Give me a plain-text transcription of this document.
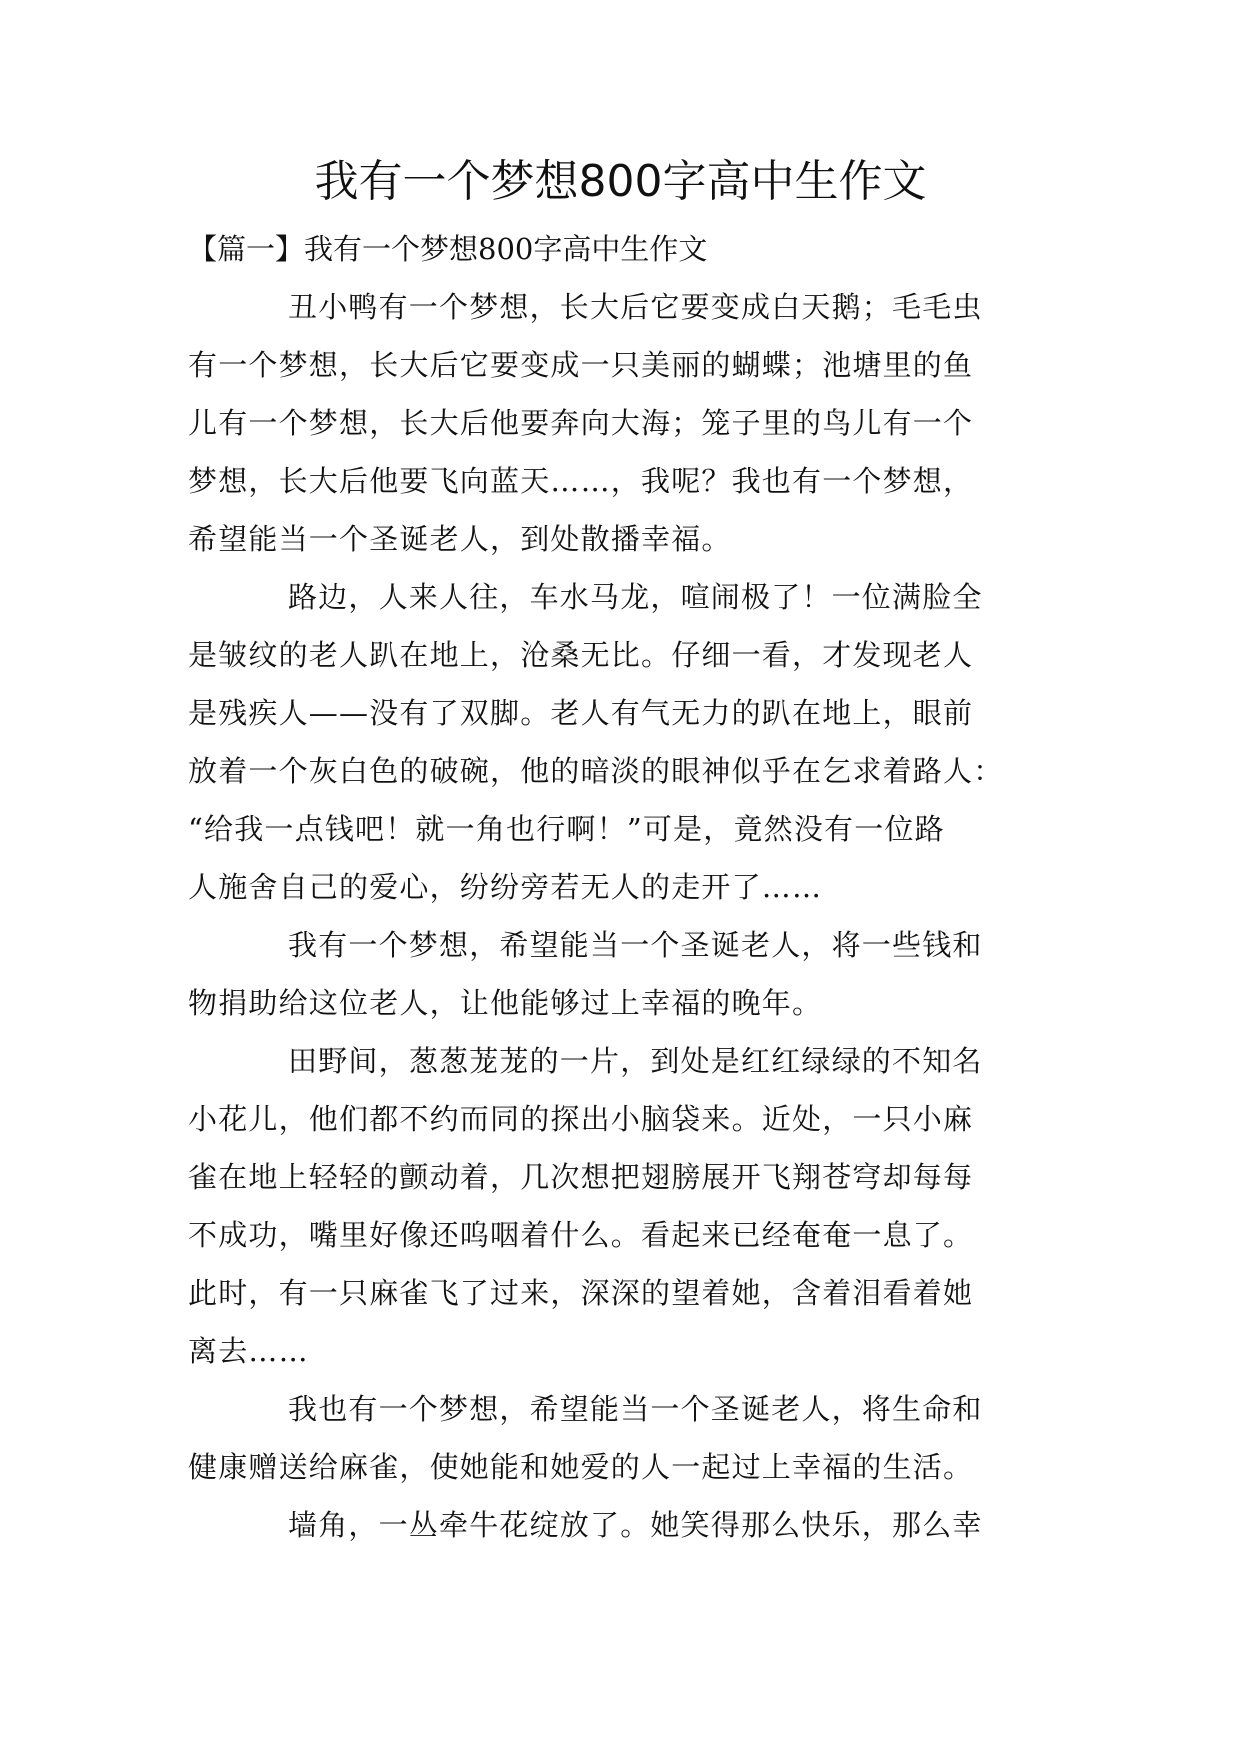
我有一个梦想800字高中生作文
【篇一】我有一个梦想800字高中生作文
丑小鸭有一个梦想，长大后它要变成白天鹅；毛毛虫
有一个梦想，长大后它要变成一只美丽的蝴蝶；池塘里的鱼
儿有一个梦想，长大后他要奔向大海；笼子里的鸟儿有一个
梦想，长大后他要飞向蓝天……，我呢？我也有一个梦想，
希望能当一个圣诞老人，到处散播幸福。
路边，人来人往，车水马龙，喧闹极了！一位满脸全
是皱纹的老人趴在地上，沧桑无比。仔细一看，才发现老人
是残疾人——没有了双脚。老人有气无力的趴在地上，眼前
放着一个灰白色的破碗，他的暗淡的眼神似乎在乞求着路人：
“给我一点钱吧！就一角也行啊！”可是，竟然没有一位路
人施舍自己的爱心，纷纷旁若无人的走开了……
我有一个梦想，希望能当一个圣诞老人，将一些钱和
物捐助给这位老人，让他能够过上幸福的晚年。
田野间，葱葱茏茏的一片，到处是红红绿绿的不知名
小花儿，他们都不约而同的探出小脑袋来。近处，一只小麻
雀在地上轻轻的颤动着，几次想把翅膀展开飞翔苍穹却每每
不成功，嘴里好像还呜咽着什么。看起来已经奄奄一息了。
此时，有一只麻雀飞了过来，深深的望着她，含着泪看着她
离去……
我也有一个梦想，希望能当一个圣诞老人，将生命和
健康赠送给麻雀，使她能和她爱的人一起过上幸福的生活。
墙角，一丛牵牛花绽放了。她笑得那么快乐，那么幸
